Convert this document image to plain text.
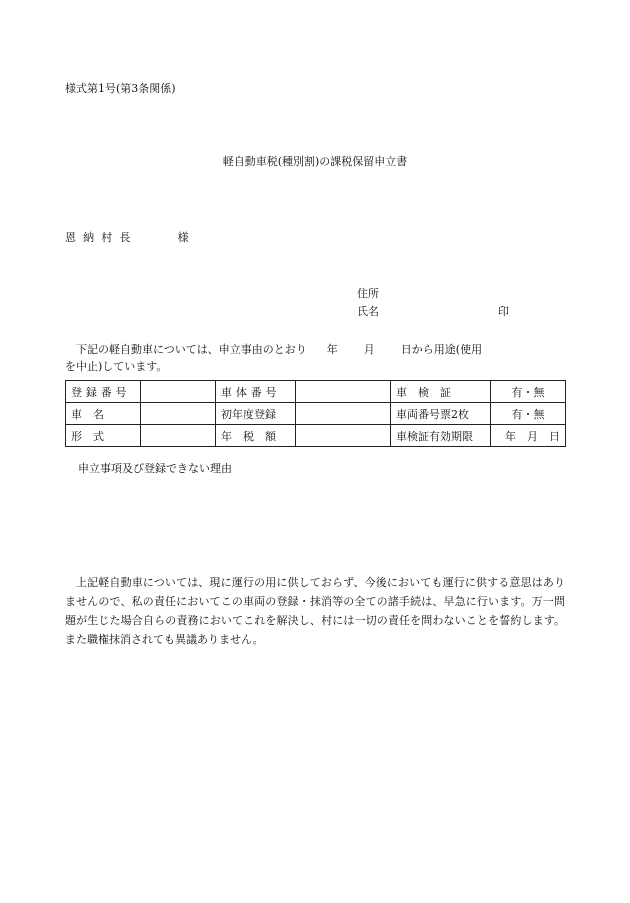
様式第1号(第3条関係)
軽自動車税(種別割)の課税保留申立書
恩納村長	様
住所
氏名	印
下記の軽自動車については、申立事由のとおり 年 月 日から用途(使用
を中止)しています。
登録番号		車体番号		車　検　証	有・無
車　名		初年度登録		車両番号票2枚	有・無
形　式		年　税　額		車検証有効期限	年　月　日
申立事項及び登録できない理由
上記軽自動車については、現に運行の用に供しておらず、今後においても運行に供する意思はありませんので、私の責任においてこの車両の登録・抹消等の全ての諸手続は、早急に行います。万一問題が生じた場合自らの責務においてこれを解決し、村には一切の責任を問わないことを誓約します。また職権抹消されても異議ありません。
